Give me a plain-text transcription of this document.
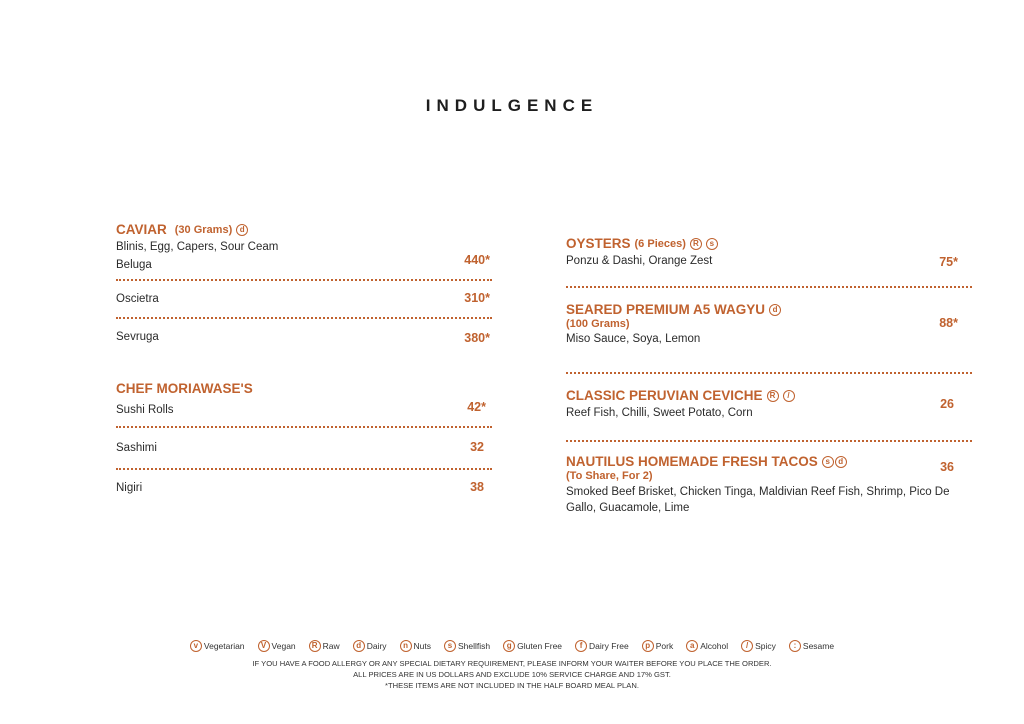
INDULGENCE
CAVIAR (30 Grams) d
Blinis, Egg, Capers, Sour Ceam
Beluga	440*
Oscietra	310*
Sevruga	380*
CHEF MORIAWASE'S
Sushi Rolls	42*
Sashimi	32
Nigiri	38
OYSTERS (6 Pieces) R	s
Ponzu & Dashi, Orange Zest	75*
SEARED PREMIUM A5 WAGYU d
(100 Grams)
Miso Sauce, Soya, Lemon
88*
CLASSIC PERUVIAN CEVICHE R	/
Reef Fish, Chilli, Sweet Potato, Corn
26
NAUTILUS HOMEMADE FRESH TACOS s	d
(To Share, For 2)
Smoked Beef Brisket, Chicken Tinga, Maldivian Reef Fish, Shrimp, Pico De Gallo, Guacamole, Lime
36
v Vegetarian	V Vegan	R Raw	d Dairy	n Nuts	s Shellfish	g Gluten Free	f Dairy Free	p Pork	a Alcohol	/ Spicy	: Sesame
IF YOU HAVE A FOOD ALLERGY OR ANY SPECIAL DIETARY REQUIREMENT, PLEASE INFORM YOUR WAITER BEFORE YOU PLACE THE ORDER.
ALL PRICES ARE IN US DOLLARS AND EXCLUDE 10% SERVICE CHARGE AND 17% GST.
*THESE ITEMS ARE NOT INCLUDED IN THE HALF BOARD MEAL PLAN.
